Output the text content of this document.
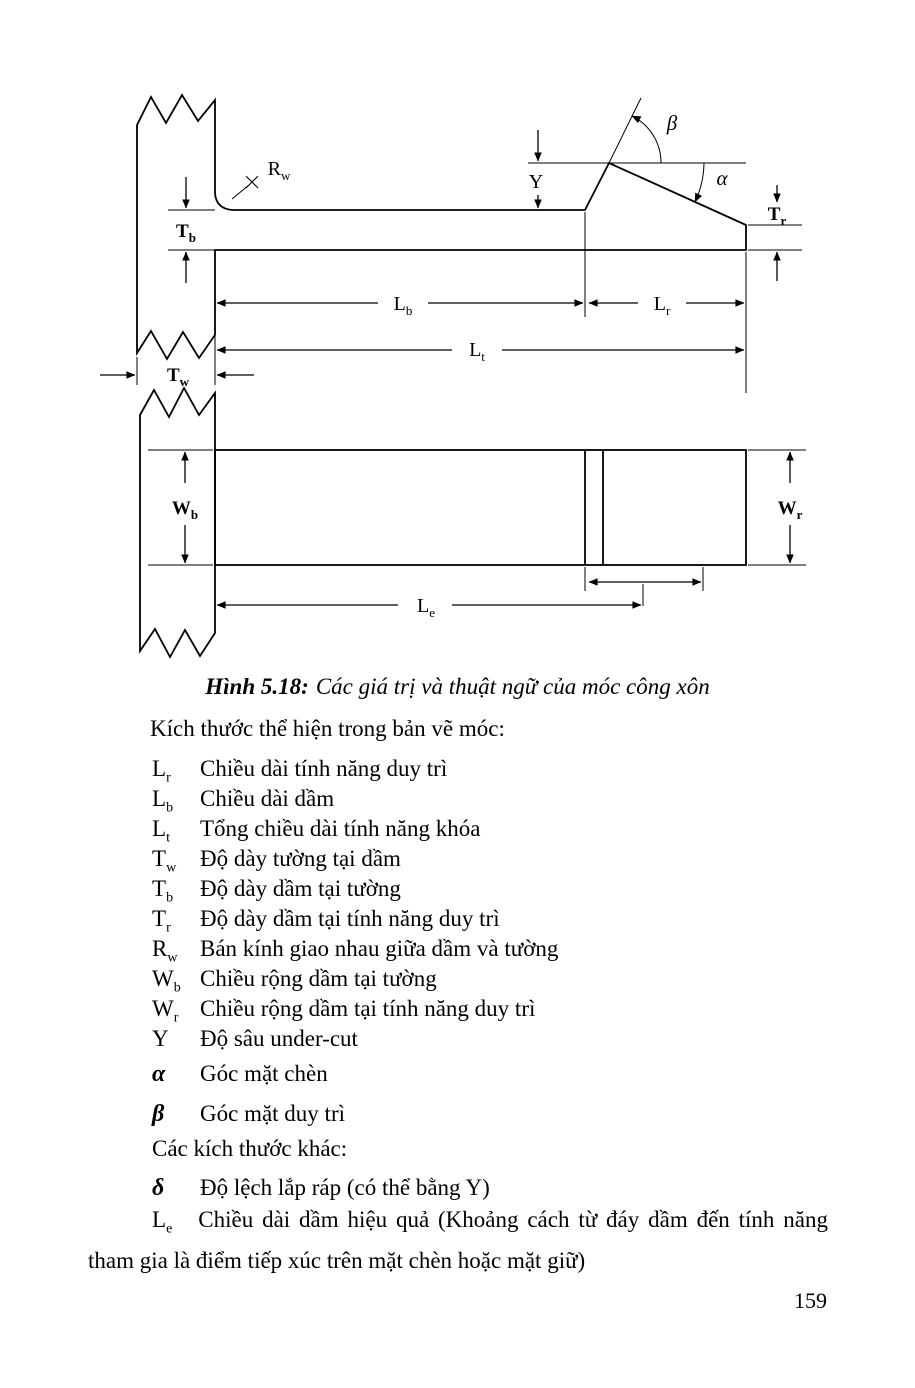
β
α
Y
$R_w$
$T_b$
$T_r$
$L_b$	$L_r$
$L_t$
$T_w$
$W_b$	$W_r$
$L_e$
Hình 5.18: Các giá trị và thuật ngữ của móc công xôn
Kích thước thể hiện trong bản vẽ móc:
$L_r$	Chiều dài tính năng duy trì
$L_b$	Chiều dài dầm
$L_t$	Tổng chiều dài tính năng khóa
$T_w$	Độ dày tường tại dầm
$T_b$	Độ dày dầm tại tường
$T_r$	Độ dày dầm tại tính năng duy trì
$R_w$ Bán kính giao nhau giữa dầm và tường
$W_b$ Chiều rộng dầm tại tường
$W_r$ Chiều rộng dầm tại tính năng duy trì
Y	Độ sâu under-cut
α	Góc mặt chèn
β	Góc mặt duy trì
Các kích thước khác:
δ	Độ lệch lắp ráp (có thể bằng Y)

$L_e$ Chiều dài dầm hiệu quả (Khoảng cách từ đáy dầm đến tính năng tham gia là điểm tiếp xúc trên mặt chèn hoặc mặt giữ)

159
